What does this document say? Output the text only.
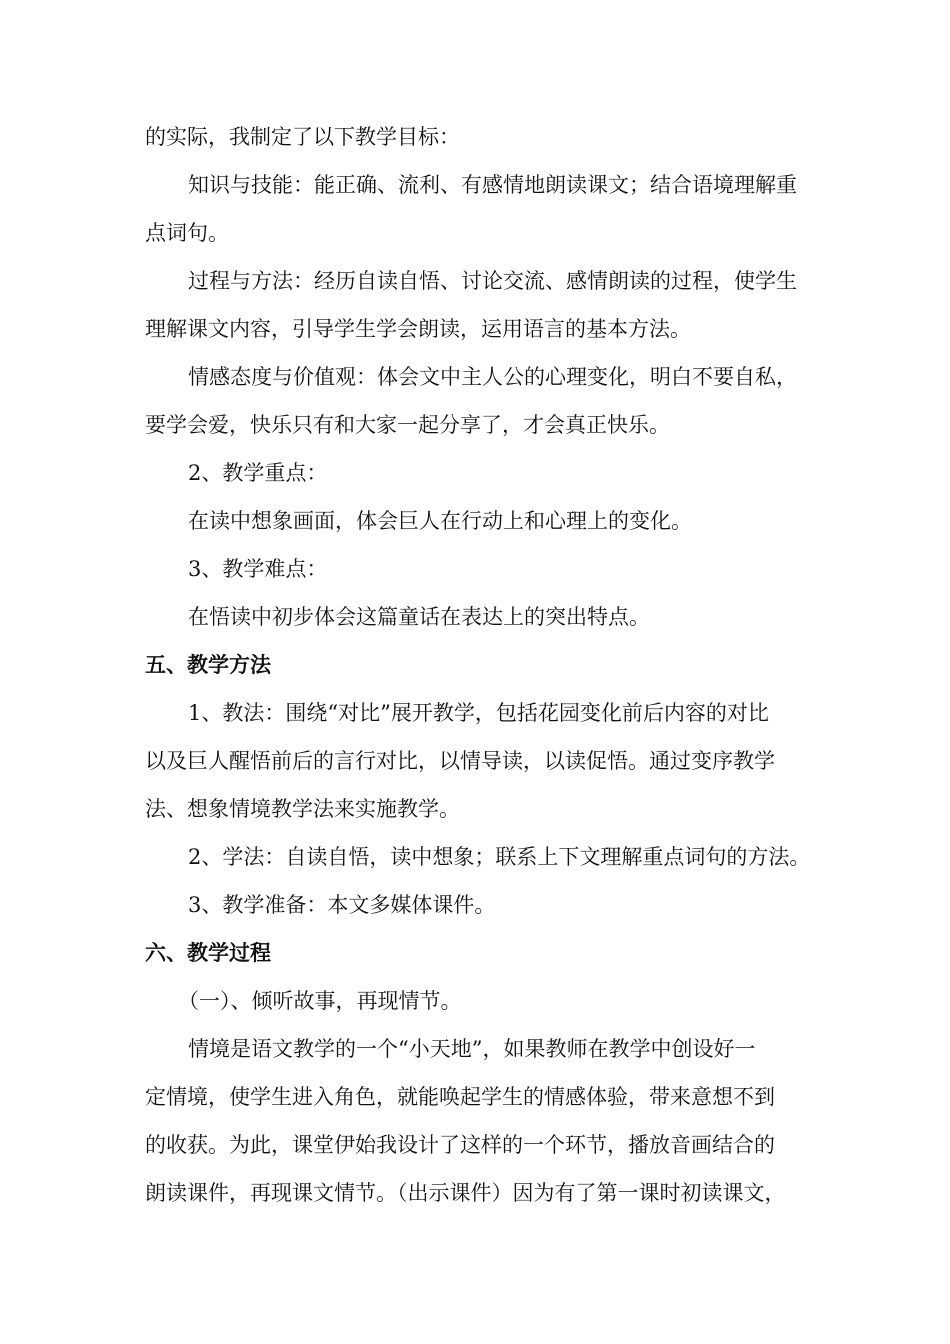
的实际，我制定了以下教学目标：
知识与技能：能正确、流利、有感情地朗读课文；结合语境理解重
点词句。
过程与方法：经历自读自悟、讨论交流、感情朗读的过程，使学生
理解课文内容，引导学生学会朗读，运用语言的基本方法。
情感态度与价值观：体会文中主人公的心理变化，明白不要自私，
要学会爱，快乐只有和大家一起分享了，才会真正快乐。
2、教学重点：
在读中想象画面，体会巨人在行动上和心理上的变化。
3、教学难点：
在悟读中初步体会这篇童话在表达上的突出特点。
五、教学方法
1、教法：围绕“对比”展开教学，包括花园变化前后内容的对比
以及巨人醒悟前后的言行对比，以情导读，以读促悟。通过变序教学
法、想象情境教学法来实施教学。
2、学法：自读自悟，读中想象；联系上下文理解重点词句的方法。
3、教学准备：本文多媒体课件。
六、教学过程
（一）、倾听故事，再现情节。
情境是语文教学的一个“小天地”，如果教师在教学中创设好一
定情境，使学生进入角色，就能唤起学生的情感体验，带来意想不到
的收获。为此，课堂伊始我设计了这样的一个环节，播放音画结合的
朗读课件，再现课文情节。（出示课件）因为有了第一课时初读课文，
